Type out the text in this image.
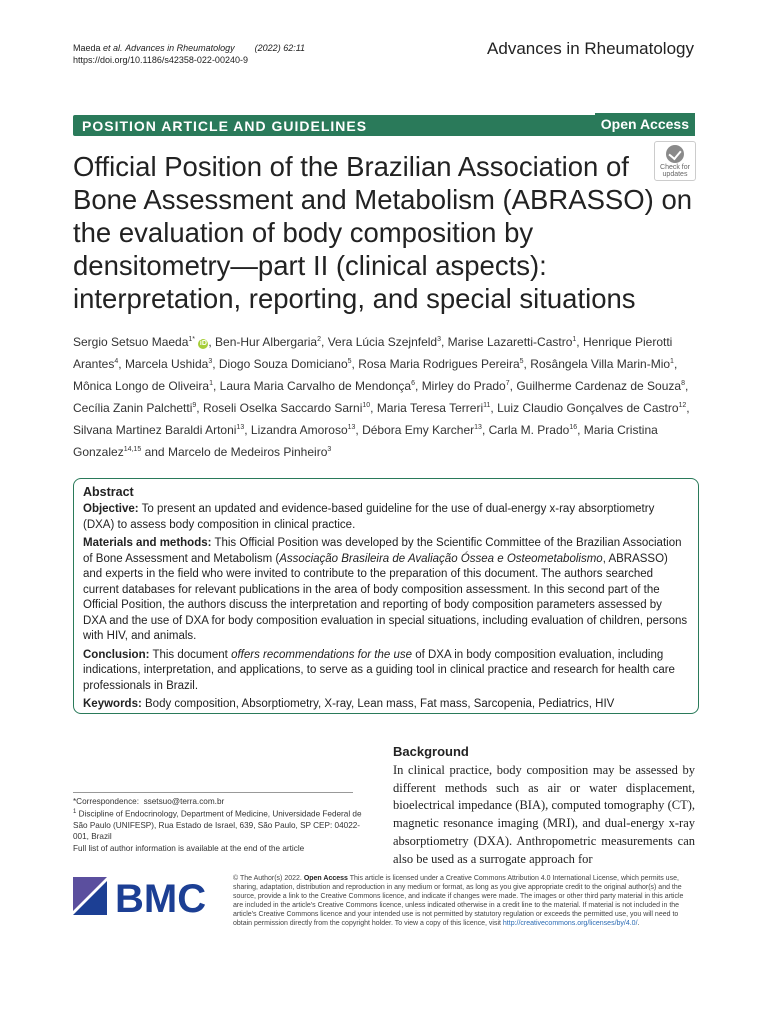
Maeda et al. Advances in Rheumatology (2022) 62:11
https://doi.org/10.1186/s42358-022-00240-9
Advances in Rheumatology
POSITION ARTICLE AND GUIDELINES	Open Access
Check for
updates
Official Position of the Brazilian Association of Bone Assessment and Metabolism (ABRASSO) on the evaluation of body composition by densitometry—part II (clinical aspects): interpretation, reporting, and special situations
Sergio Setsuo Maeda$^{1*}$ iD , Ben-Hur Albergaria$^2$, Vera Lúcia Szejnfeld$^3$, Marise Lazaretti-Castro$^1$, Henrique Pierotti Arantes$^4$, Marcela Ushida$^3$, Diogo Souza Domiciano$^5$, Rosa Maria Rodrigues Pereira$^5$, Rosângela Villa Marin-Mio$^1$, Mônica Longo de Oliveira$^1$, Laura Maria Carvalho de Mendonça$^6$, Mirley do Prado$^7$, Guilherme Cardenaz de Souza$^8$, Cecília Zanin Palchetti$^9$, Roseli Oselka Saccardo Sarni$^{10}$, Maria Teresa Terreri$^{11}$, Luiz Claudio Gonçalves de Castro$^{12}$, Silvana Martinez Baraldi Artoni$^{13}$, Lizandra Amoroso$^{13}$, Débora Emy Karcher$^{13}$, Carla M. Prado$^{16}$, Maria Cristina Gonzalez$^{14,15}$ and Marcelo de Medeiros Pinheiro$^3$
Abstract

Objective: To present an updated and evidence-based guideline for the use of dual-energy x-ray absorptiometry (DXA) to assess body composition in clinical practice.

Materials and methods: This Official Position was developed by the Scientific Committee of the Brazilian Association of Bone Assessment and Metabolism (Associação Brasileira de Avaliação Óssea e Osteometabolismo, ABRASSO) and experts in the field who were invited to contribute to the preparation of this document. The authors searched current databases for relevant publications in the area of body composition assessment. In this second part of the Official Position, the authors discuss the interpretation and reporting of body composition parameters assessed by DXA and the use of DXA for body composition evaluation in special situations, including evaluation of children, persons with HIV, and animals.

Conclusion: This document offers recommendations for the use of DXA in body composition evaluation, including indications, interpretation, and applications, to serve as a guiding tool in clinical practice and research for health care professionals in Brazil.

Keywords: Body composition, Absorptiometry, X-ray, Lean mass, Fat mass, Sarcopenia, Pediatrics, HIV

Background
In clinical practice, body composition may be assessed by different methods such as air or water displacement, bioelectrical impedance (BIA), computed tomography (CT), magnetic resonance imaging (MRI), and dual-energy x-ray absorptiometry (DXA). Anthropometric measurements can also be used as a surrogate approach for
*Correspondence: ssetsuo@terra.com.br
$^1$ Discipline of Endocrinology, Department of Medicine, Universidade Federal de São Paulo (UNIFESP), Rua Estado de Israel, 639, São Paulo, SP CEP: 04022-001, Brazil
Full list of author information is available at the end of the article
BMC	© The Author(s) 2022. Open Access This article is licensed under a Creative Commons Attribution 4.0 International License, which permits use, sharing, adaptation, distribution and reproduction in any medium or format, as long as you give appropriate credit to the original author(s) and the source, provide a link to the Creative Commons licence, and indicate if changes were made. The images or other third party material in this article are included in the article's Creative Commons licence, unless indicated otherwise in a credit line to the material. If material is not included in the article's Creative Commons licence and your intended use is not permitted by statutory regulation or exceeds the permitted use, you will need to obtain permission directly from the copyright holder. To view a copy of this licence, visit http://creativecommons.org/licenses/by/4.0/.
